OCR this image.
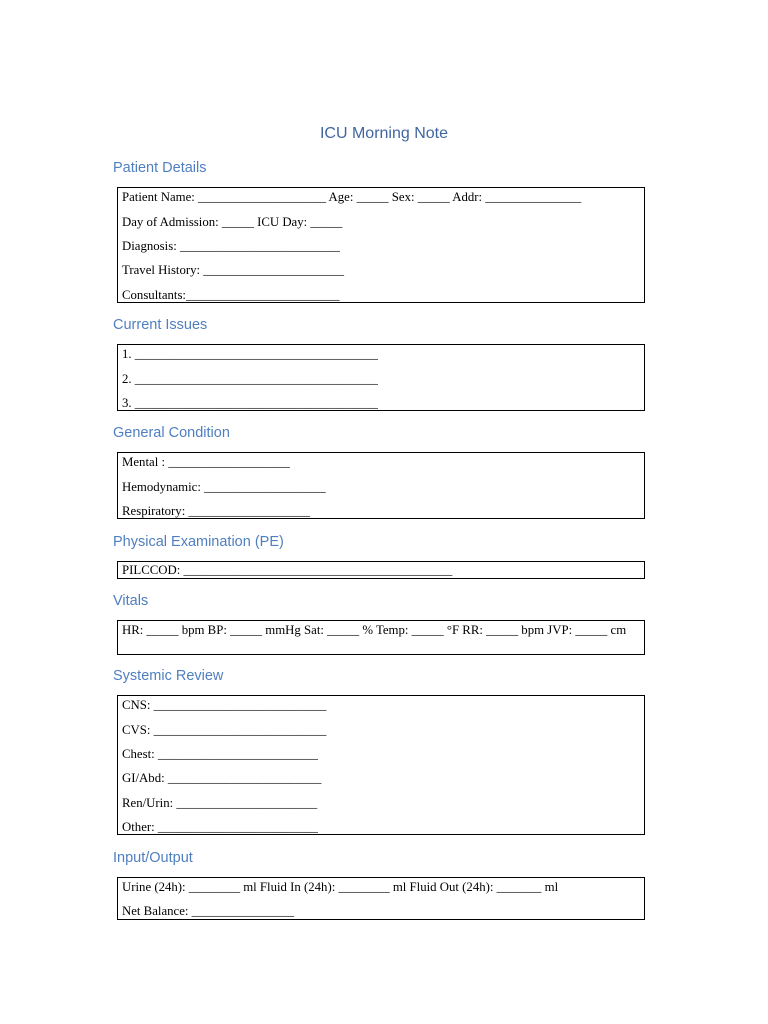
ICU Morning Note
Patient Details
Patient Name: ____________________ Age: _____ Sex: _____ Addr: _______________
Day of Admission: _____ ICU Day: _____
Diagnosis: _________________________
Travel History: ______________________
Consultants:________________________
Current Issues
1. ______________________________________
2. ______________________________________
3. ______________________________________
General Condition
Mental : ___________________
Hemodynamic: ___________________
Respiratory: ___________________
Physical Examination (PE)
PILCCOD: __________________________________________
Vitals
HR: _____ bpm BP: _____ mmHg Sat: _____ % Temp: _____ °F RR: _____ bpm JVP: _____ cm
Systemic Review
CNS: ___________________________
CVS: ___________________________
Chest: _________________________
GI/Abd: ________________________
Ren/Urin: ______________________
Other: _________________________
Input/Output
Urine (24h): ________ ml Fluid In (24h): ________ ml Fluid Out (24h): _______ ml
Net Balance: ________________
